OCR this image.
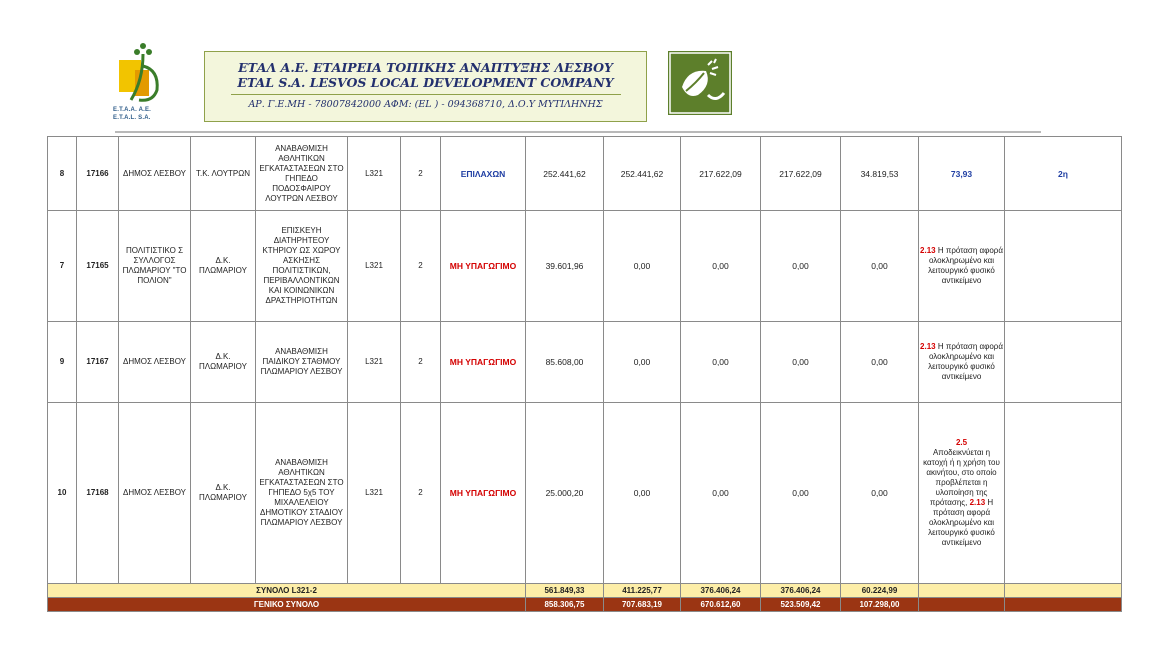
E.T.A.A. A.E.
E.T.A.L. S.A.
ΕΤΑΛ Α.Ε. ΕΤΑΙΡΕΙΑ ΤΟΠΙΚΗΣ ΑΝΑΠΤΥΞΗΣ ΛΕΣΒΟΥ
ETAL S.A. LESVOS LOCAL DEVELOPMENT COMPANY
ΑΡ. Γ.Ε.ΜΗ - 78007842000 ΑΦΜ: (EL ) - 094368710, Δ.Ο.Υ ΜΥΤΙΛΗΝΗΣ
8	17166	ΔΗΜΟΣ ΛΕΣΒΟΥ	Τ.Κ. ΛΟΥΤΡΩΝ	ΑΝΑΒΑΘΜΙΣΗ ΑΘΛΗΤΙΚΩΝ ΕΓΚΑΤΑΣΤΑΣΕΩΝ ΣΤΟ ΓΗΠΕΔΟ ΠΟΔΟΣΦΑΙΡΟΥ ΛΟΥΤΡΩΝ ΛΕΣΒΟΥ	L321	2	ΕΠΙΛΑΧΩΝ	252.441,62	252.441,62	217.622,09	217.622,09	34.819,53	73,93	2η
7	17165	ΠΟΛΙΤΙΣΤΙΚΟ Σ ΣΥΛΛΟΓΟΣ ΠΛΩΜΑΡΙΟΥ "ΤΟ ΠΟΛΙΟΝ"	Δ.Κ. ΠΛΩΜΑΡΙΟΥ	ΕΠΙΣΚΕΥΗ ΔΙΑΤΗΡΗΤΕΟΥ ΚΤΗΡΙΟΥ ΩΣ ΧΩΡΟΥ ΑΣΚΗΣΗΣ ΠΟΛΙΤΙΣΤΙΚΩΝ, ΠΕΡΙΒΑΛΛΟΝΤΙΚΩΝ ΚΑΙ ΚΟΙΝΩΝΙΚΩΝ ΔΡΑΣΤΗΡΙΟΤΗΤΩΝ	L321	2	ΜΗ ΥΠΑΓΩΓΙΜΟ	39.601,96	0,00	0,00	0,00	0,00	2.13 Η πρόταση αφορά ολοκληρωμένο και λειτουργικό φυσικό αντικείμενο	
9	17167	ΔΗΜΟΣ ΛΕΣΒΟΥ	Δ.Κ. ΠΛΩΜΑΡΙΟΥ	ΑΝΑΒΑΘΜΙΣΗ ΠΑΙΔΙΚΟΥ ΣΤΑΘΜΟΥ ΠΛΩΜΑΡΙΟΥ ΛΕΣΒΟΥ	L321	2	ΜΗ ΥΠΑΓΩΓΙΜΟ	85.608,00	0,00	0,00	0,00	0,00	2.13 Η πρόταση αφορά ολοκληρωμένο και λειτουργικό φυσικό αντικείμενο	
10	17168	ΔΗΜΟΣ ΛΕΣΒΟΥ	Δ.Κ. ΠΛΩΜΑΡΙΟΥ	ΑΝΑΒΑΘΜΙΣΗ ΑΘΛΗΤΙΚΩΝ ΕΓΚΑΤΑΣΤΑΣΕΩΝ ΣΤΟ ΓΗΠΕΔΟ 5χ5 ΤΟΥ ΜΙΧΑΛΕΛΕΙΟΥ ΔΗΜΟΤΙΚΟΥ ΣΤΑΔΙΟΥ ΠΛΩΜΑΡΙΟΥ ΛΕΣΒΟΥ	L321	2	ΜΗ ΥΠΑΓΩΓΙΜΟ	25.000,20	0,00	0,00	0,00	0,00	2.5
Αποδεικνύεται η κατοχή ή η χρήση του ακινήτου, στο οποίο προβλέπεται η υλοποίηση της πρότασης, 2.13 Η πρόταση αφορά ολοκληρωμένο και λειτουργικό φυσικό αντικείμενο	
ΣΥΝΟΛΟ L321-2								561.849,33	411.225,77	376.406,24	376.406,24	60.224,99		
ΓΕΝΙΚΟ ΣΥΝΟΛΟ								858.306,75	707.683,19	670.612,60	523.509,42	107.298,00		
